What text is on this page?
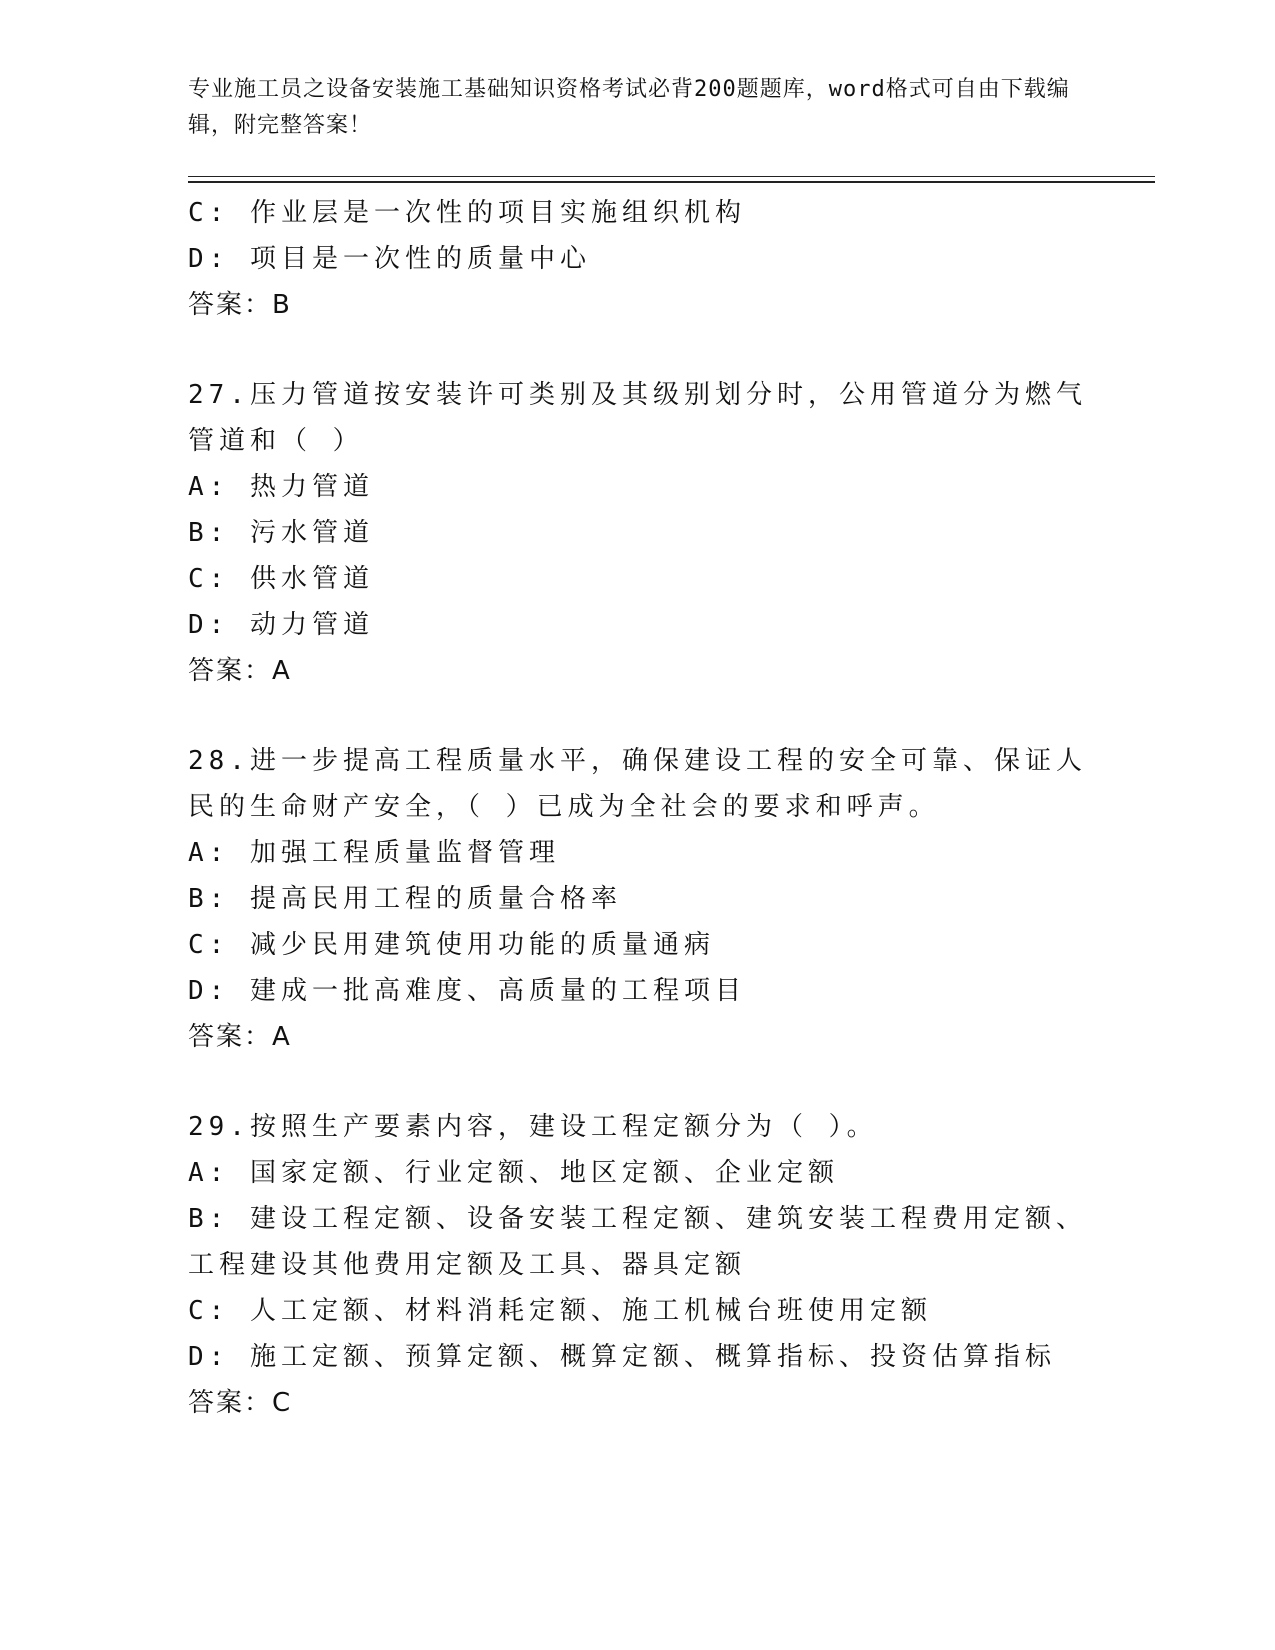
专业施工员之设备安装施工基础知识资格考试必背200题题库，word格式可自由下载编辑，附完整答案！

C: 作业层是一次性的项目实施组织机构

D: 项目是一次性的质量中心

答案：B

27.压力管道按安装许可类别及其级别划分时，公用管道分为燃气管道和（ ）

A: 热力管道

B: 污水管道

C: 供水管道

D: 动力管道

答案：A

28.进一步提高工程质量水平，确保建设工程的安全可靠、保证人民的生命财产安全，（ ）已成为全社会的要求和呼声。

A: 加强工程质量监督管理

B: 提高民用工程的质量合格率

C: 减少民用建筑使用功能的质量通病

D: 建成一批高难度、高质量的工程项目

答案：A

29.按照生产要素内容，建设工程定额分为（ ）。

A: 国家定额、行业定额、地区定额、企业定额

B: 建设工程定额、设备安装工程定额、建筑安装工程费用定额、工程建设其他费用定额及工具、器具定额

C: 人工定额、材料消耗定额、施工机械台班使用定额

D: 施工定额、预算定额、概算定额、概算指标、投资估算指标

答案：C
